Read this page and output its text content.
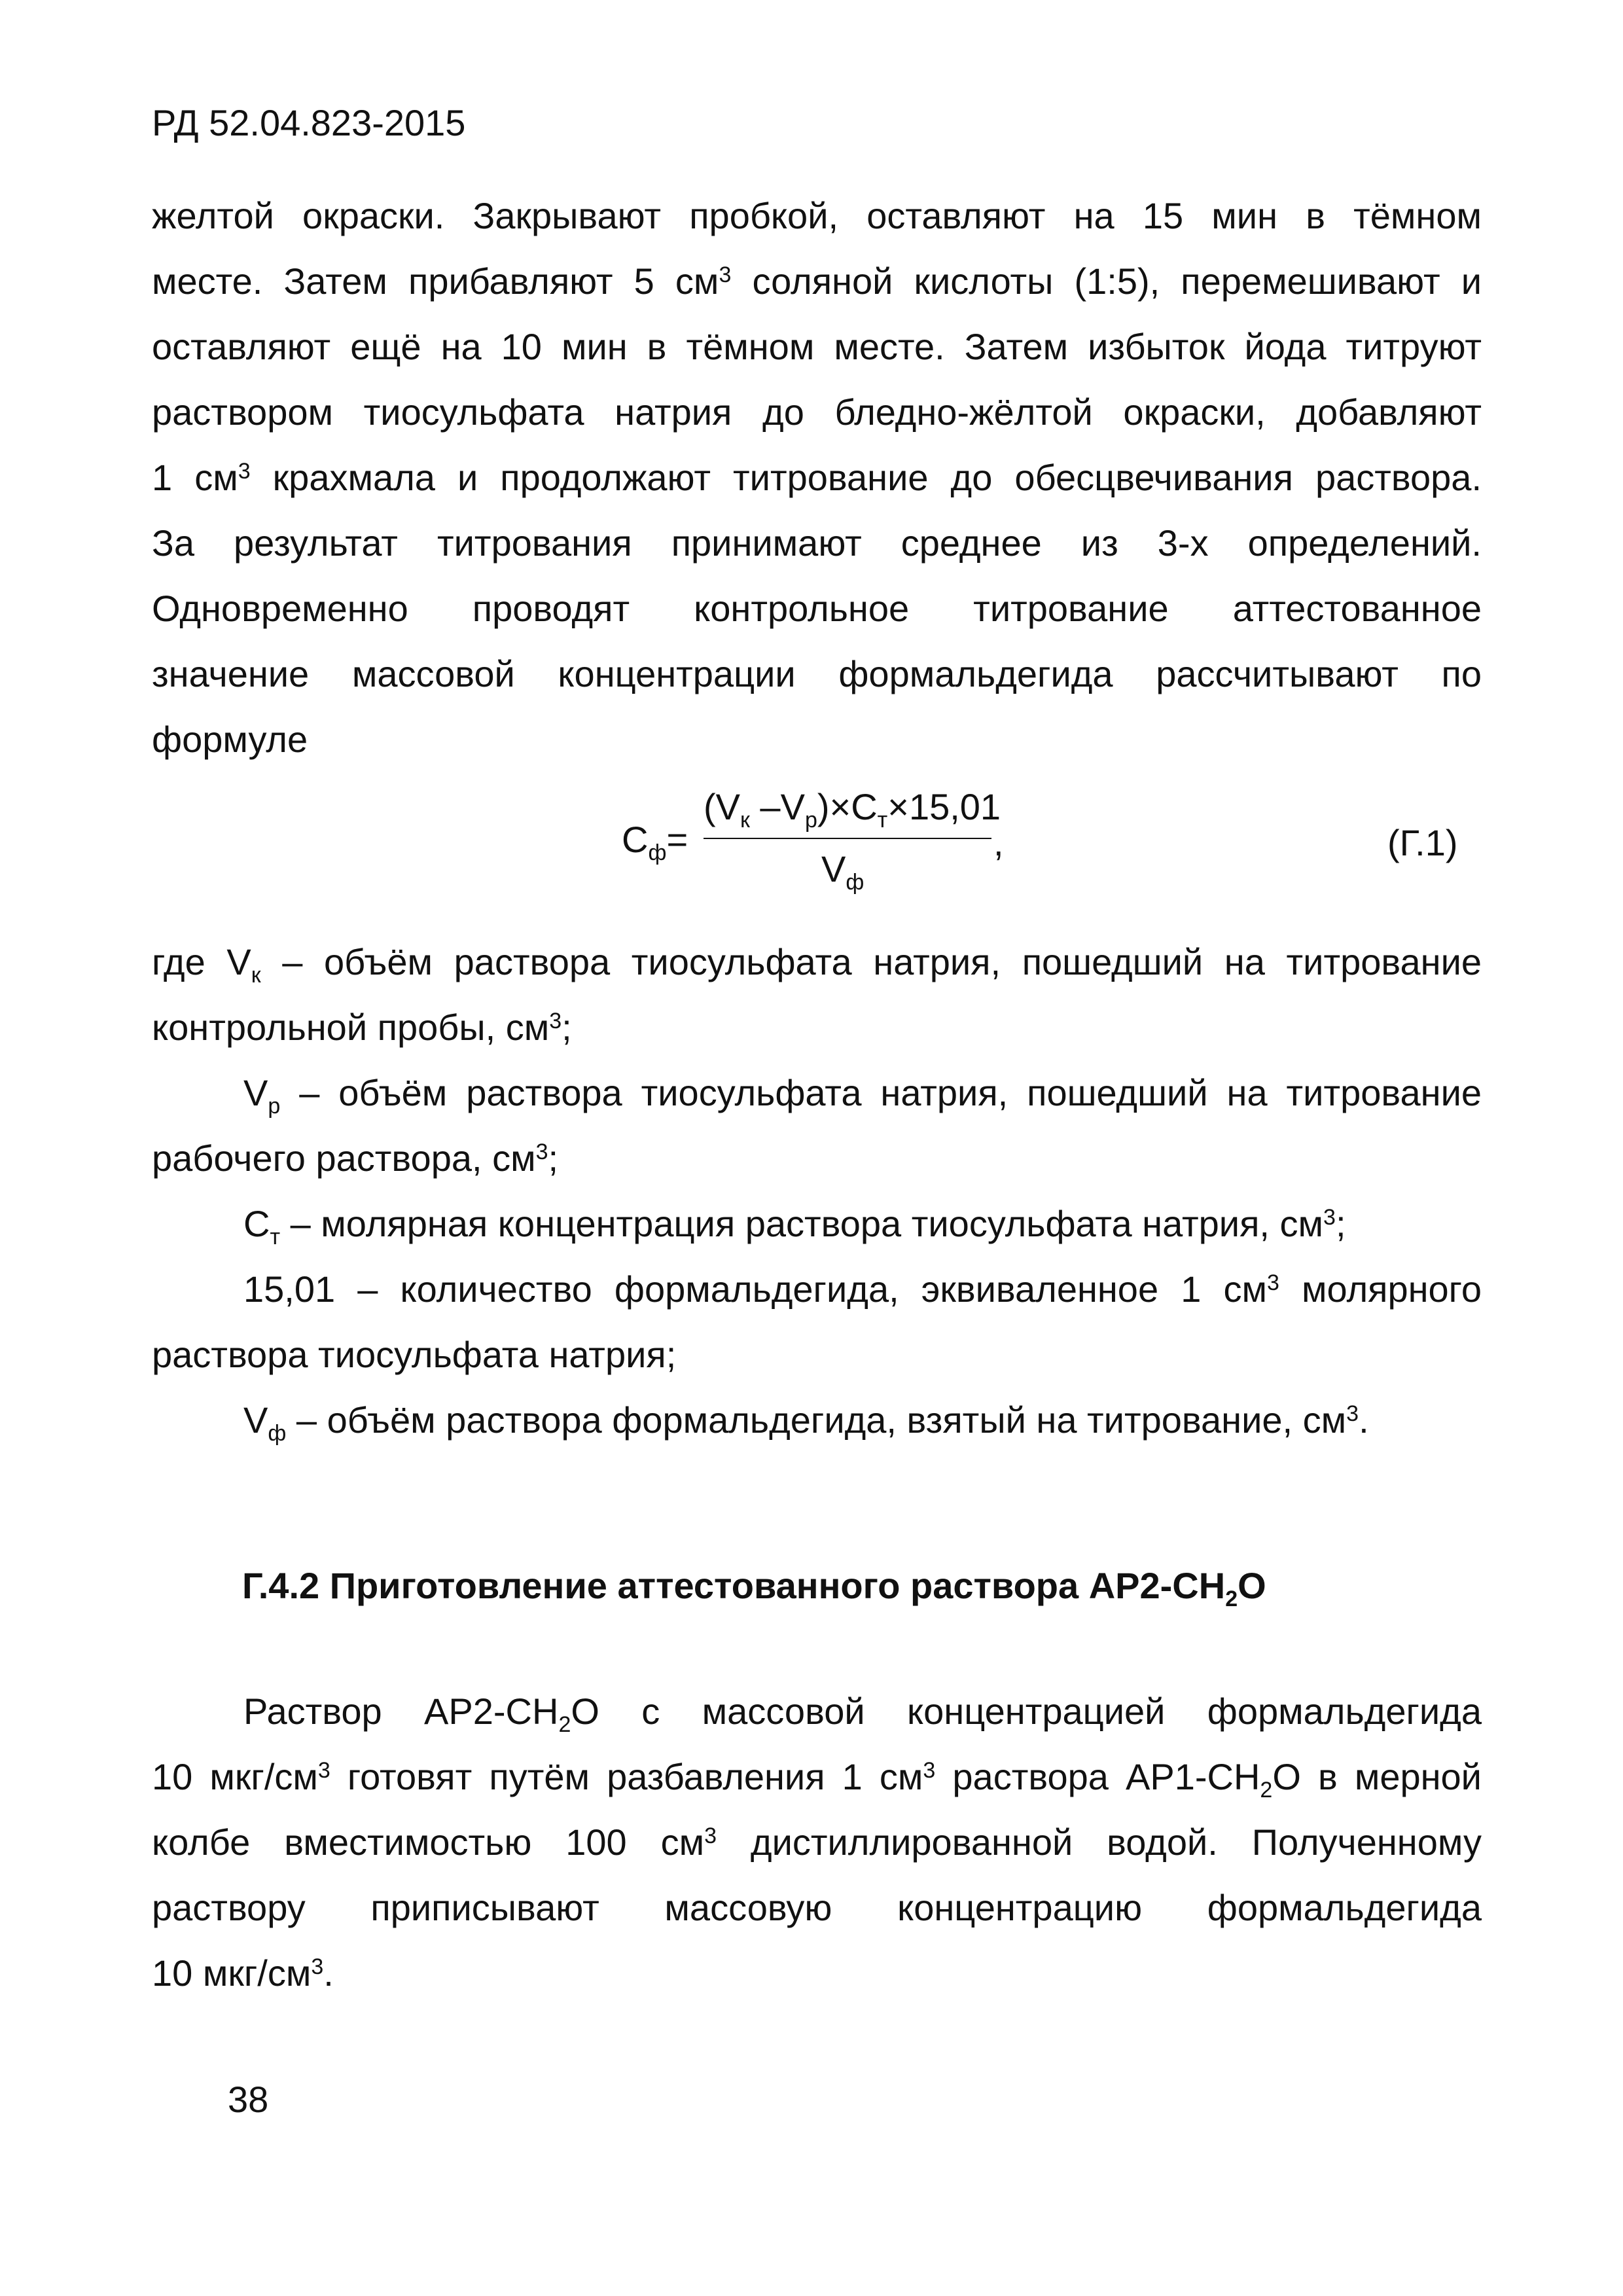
РД 52.04.823-2015
желтой окраски. Закрывают пробкой, оставляют на 15 мин в тёмном
месте. Затем прибавляют 5 $см^3$ соляной кислоты (1:5), перемешивают и
оставляют ещё на 10 мин в тёмном месте. Затем избыток йода титруют
раствором тиосульфата натрия до бледно-жёлтой окраски, добавляют
1 $см^3$ крахмала и продолжают титрование до обесцвечивания раствора.
За результат титрования принимают среднее из 3-х определений.
Одновременно проводят контрольное титрование аттестованное
значение массовой концентрации формальдегида рассчитывают по
формуле
$С_ф=$
($V_к$ $-V_р)\times С_т\times 15,01$
$V_ф$
,	(Г.1)
где $V_к$ – объём раствора тиосульфата натрия, пошедший на титрование
контрольной пробы, $см^3$;
$V_р$ – объём раствора тиосульфата натрия, пошедший на титрование
рабочего раствора, $см^3$;
$С_т$ – молярная концентрация раствора тиосульфата натрия, $см^3$;
15,01 – количество формальдегида, эквиваленное 1 $см^3$ молярного
раствора тиосульфата натрия;
$V_ф$ – объём раствора формальдегида, взятый на титрование, $см^3$.
Г.4.2 Приготовление аттестованного раствора $АР2-СН_2О$
Раствор $АР2-СН_2О$ с массовой концентрацией формальдегида
10 мкг/$см^3$ готовят путём разбавления 1 $см^3$ раствора $АР1-СН_2О$ в мерной
колбе вместимостью 100 $см^3$ дистиллированной водой. Полученному
раствору приписывают массовую концентрацию формальдегида
10 мкг/$см^3$.
38
